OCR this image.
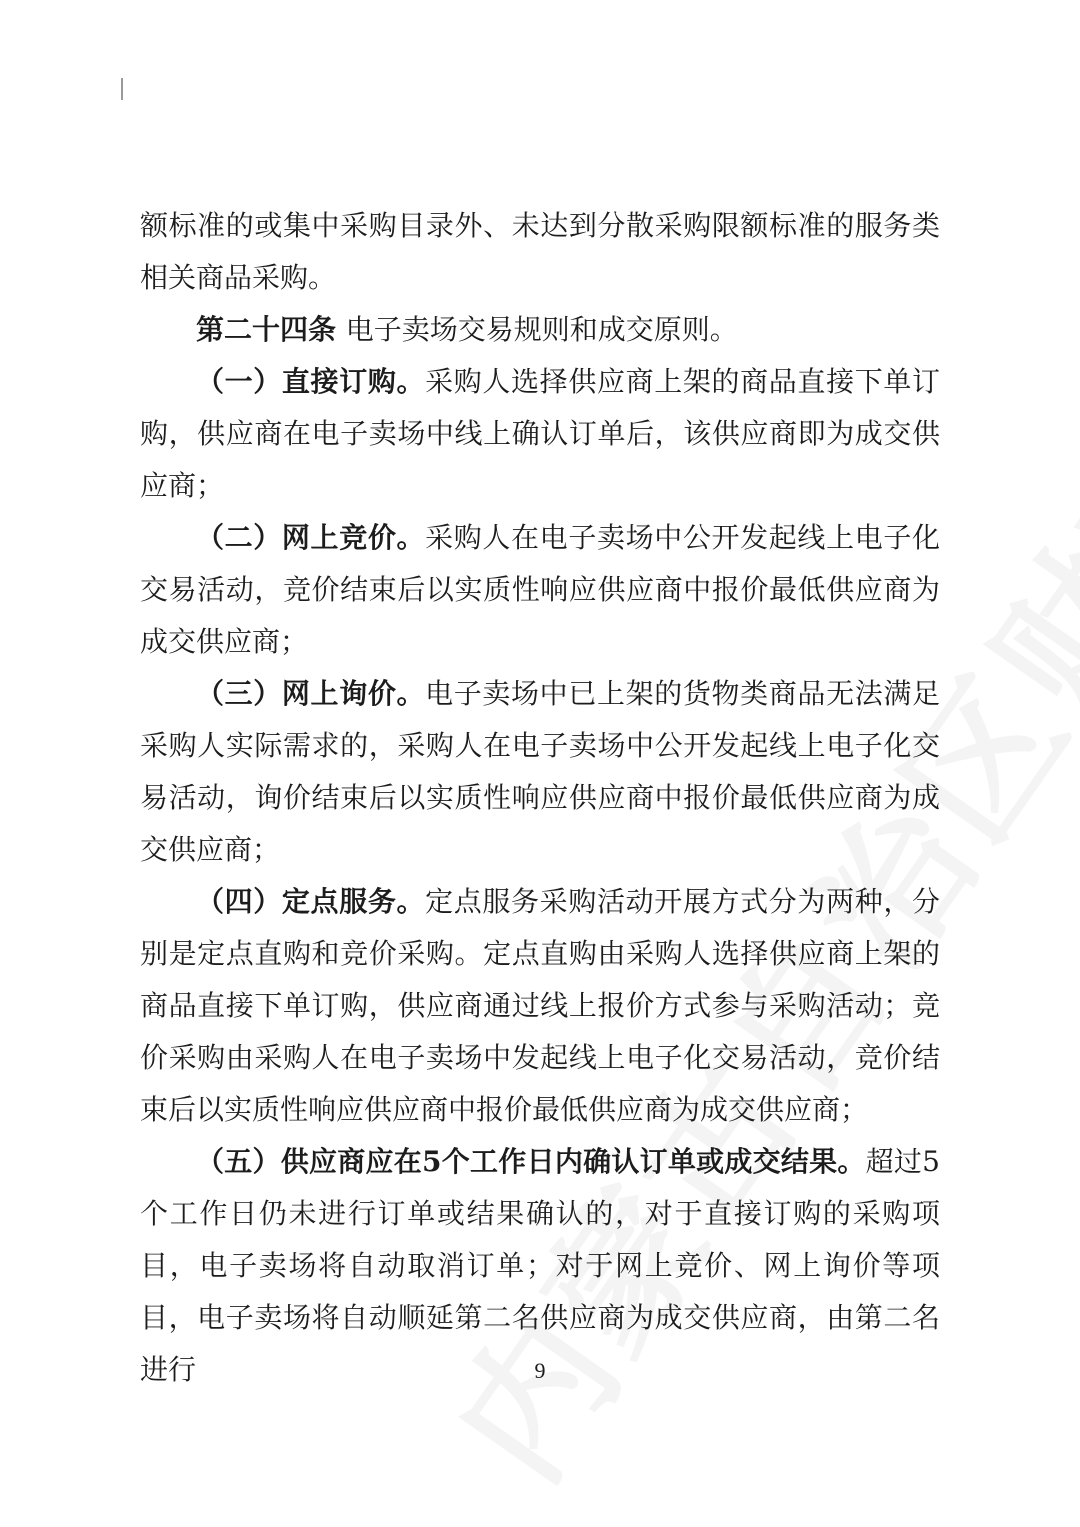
额标准的或集中采购目录外、未达到分散采购限额标准的服务类相关商品采购。

第二十四条 电子卖场交易规则和成交原则。

（一）直接订购。采购人选择供应商上架的商品直接下单订购，供应商在电子卖场中线上确认订单后，该供应商即为成交供应商；

（二）网上竞价。采购人在电子卖场中公开发起线上电子化交易活动，竞价结束后以实质性响应供应商中报价最低供应商为成交供应商；

（三）网上询价。电子卖场中已上架的货物类商品无法满足采购人实际需求的，采购人在电子卖场中公开发起线上电子化交易活动，询价结束后以实质性响应供应商中报价最低供应商为成交供应商；

（四）定点服务。定点服务采购活动开展方式分为两种，分别是定点直购和竞价采购。定点直购由采购人选择供应商上架的商品直接下单订购，供应商通过线上报价方式参与采购活动；竞价采购由采购人在电子卖场中发起线上电子化交易活动，竞价结束后以实质性响应供应商中报价最低供应商为成交供应商；

（五）供应商应在5个工作日内确认订单或成交结果。超过5个工作日仍未进行订单或结果确认的，对于直接订购的采购项目，电子卖场将自动取消订单；对于网上竞价、网上询价等项目，电子卖场将自动顺延第二名供应商为成交供应商，由第二名进行	9
